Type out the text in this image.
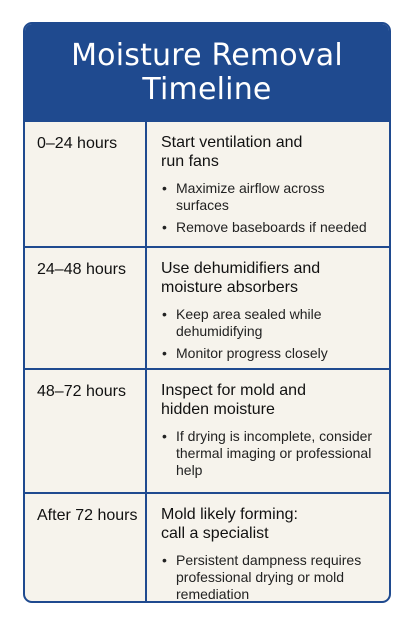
Moisture Removal
Timeline
0–24 hours	Start ventilation and
run fans
• Maximize airflow across surfaces
• Remove baseboards if needed
24–48 hours	Use dehumidifiers and
moisture absorbers
• Keep area sealed while dehumidifying
• Monitor progress closely
48–72 hours	Inspect for mold and
hidden moisture
• If drying is incomplete, consider thermal imaging or professional help
After 72 hours	Mold likely forming:
call a specialist
• Persistent dampness requires professional drying or mold remediation
